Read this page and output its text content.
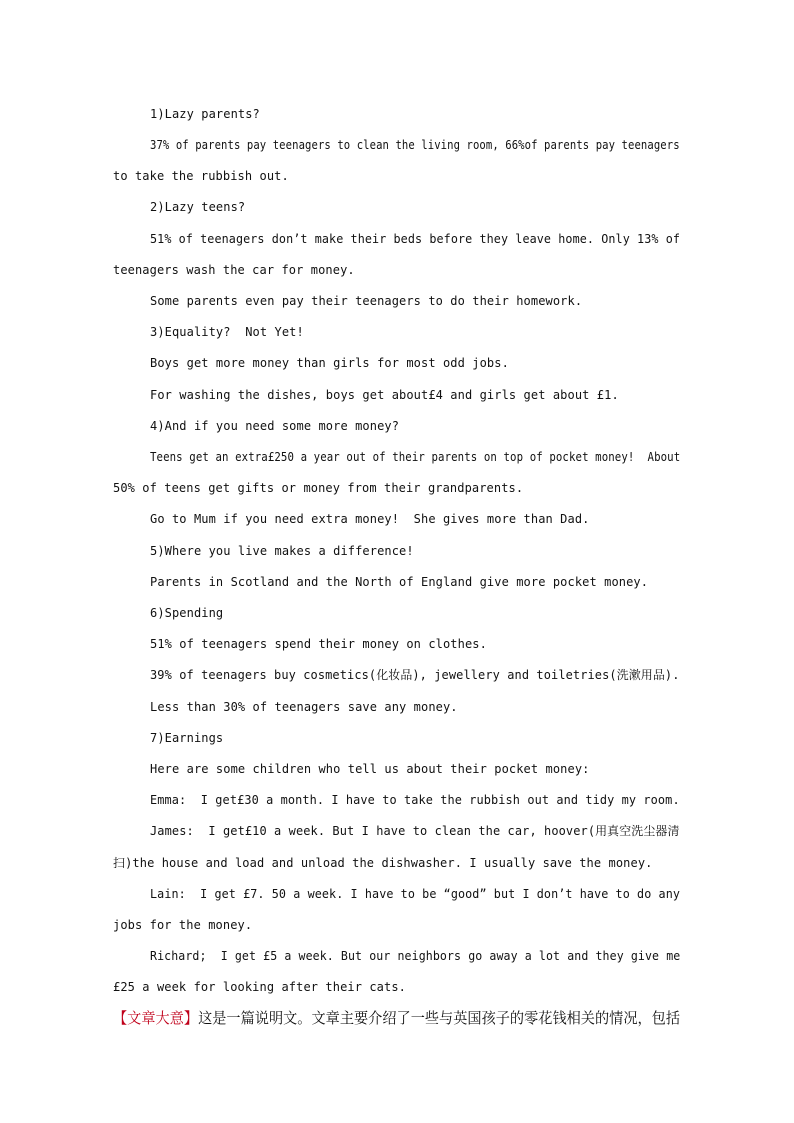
1)Lazy parents?
37% of parents pay teenagers to clean the living room, 66%of parents pay teenagers
to take the rubbish out.
2)Lazy teens?
51% of teenagers don’t make their beds before they leave home. Only 13% of
teenagers wash the car for money.
Some parents even pay their teenagers to do their homework.
3)Equality?  Not Yet!
Boys get more money than girls for most odd jobs.
For washing the dishes, boys get about£4 and girls get about £1.
4)And if you need some more money?
Teens get an extra£250 a year out of their parents on top of pocket money!  About
50% of teens get gifts or money from their grandparents.
Go to Mum if you need extra money!  She gives more than Dad.
5)Where you live makes a difference!
Parents in Scotland and the North of England give more pocket money.
6)Spending
51% of teenagers spend their money on clothes.
39% of teenagers buy cosmetics(化妆品), jewellery and toiletries(洗漱用品).
Less than 30% of teenagers save any money.
7)Earnings
Here are some children who tell us about their pocket money:
Emma:  I get£30 a month. I have to take the rubbish out and tidy my room.
James:  I get£10 a week. But I have to clean the car, hoover(用真空洗尘器清
扫)the house and load and unload the dishwasher. I usually save the money.
Lain:  I get £7. 50 a week. I have to be “good” but I don’t have to do any
jobs for the money.
Richard;  I get £5 a week. But our neighbors go away a lot and they give me
£25 a week for looking after their cats.
【文章大意】这是一篇说明文。文章主要介绍了一些与英国孩子的零花钱相关的情况，包括
